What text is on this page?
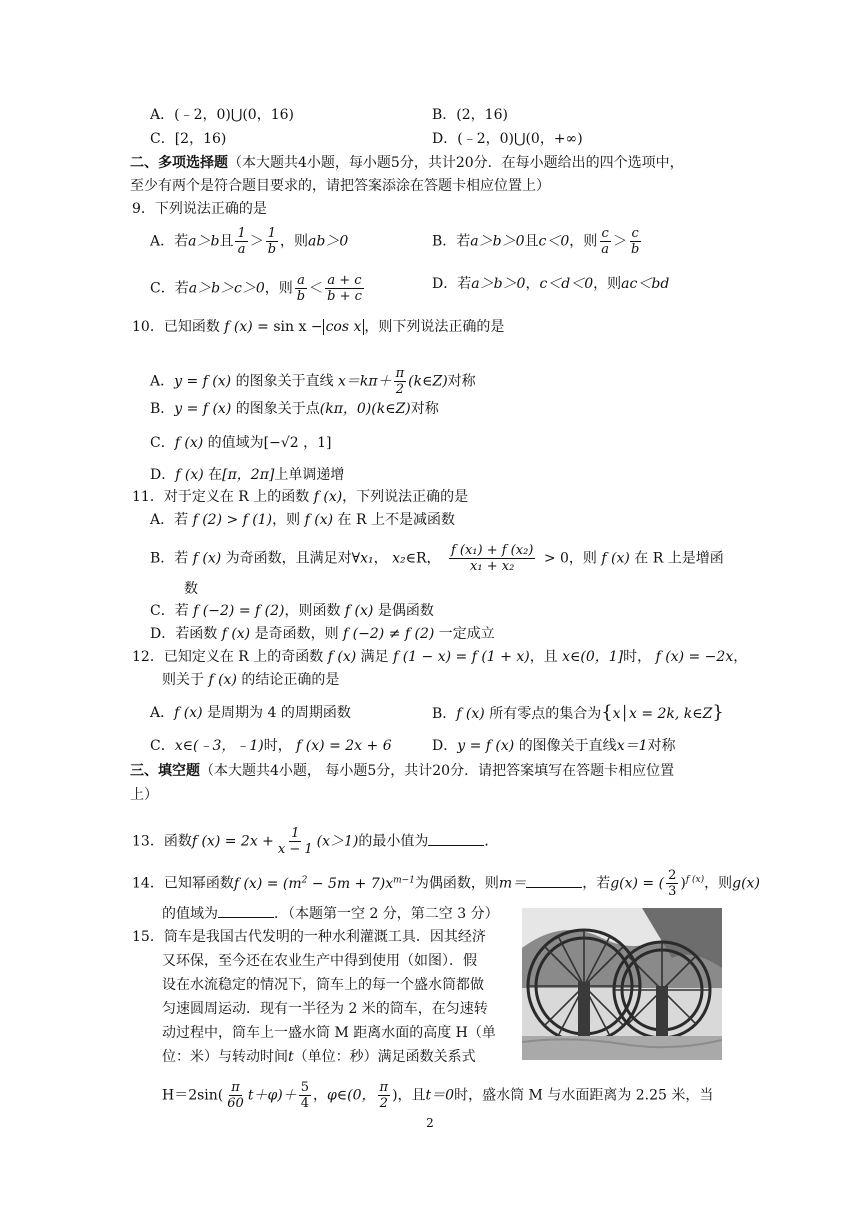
A．(﹣2，0)⋃(0，16)	B．(2，16)
C．[2，16)	D．(﹣2，0)⋃(0，+∞)
二、多项选择题（本大题共4小题，每小题5分，共计20分．在每小题给出的四个选项中，
至少有两个是符合题目要求的，请把答案添涂在答题卡相应位置上）
9．下列说法正确的是
A．若a＞b且 $\frac{1}{a} > \frac{1}{b}$ ，则ab＞0	B．若a＞b＞0且c＜0，则 $\frac{c}{a} > \frac{c}{b}$
C．若a＞b＞c＞0，则 $\frac{a}{b} < \frac{a + c}{b + c}$	D．若a＞b＞0，c＜d＜0，则ac＜bd
10．已知函数 f (x) = sin x − cos x ，则下列说法正确的是
A．y = f (x) 的图象关于直线 $x=k\pi+ \frac{\pi}{2}$ (k∈Z)对称
B．y = f (x) 的图象关于点(kπ，0)(k∈Z)对称
C．f (x) 的值域为[−√2 ，1]
D．f (x) 在[π，2π]上单调递增
11．对于定义在 R 上的函数 f (x)，下列说法正确的是
A．若 f (2) > f (1)，则 f (x) 在 R 上不是减函数
B．若 f (x) 为奇函数，且满足对∀x₁， x₂∈R， $\frac{\text{f (x₁) + f (x₂)}}{\text{x₁ + x₂}} > 0$，则 f (x) 在 R 上是增函
数
C．若 f (−2) = f (2)，则函数 f (x) 是偶函数
D．若函数 f (x) 是奇函数，则 f (−2) ≠ f (2) 一定成立
12．已知定义在 R 上的奇函数 f (x) 满足 f (1 − x) = f (1 + x)，且 x∈(0，1]时， f (x) = −2x，
则关于 f (x) 的结论正确的是
A．f (x) 是周期为 4 的周期函数	B．f (x) 所有零点的集合为{x│x = 2k, k∈Z}
C．x∈(﹣3，﹣1)时， f (x) = 2x + 6	D．y = f (x) 的图像关于直线x＝1对称
三、填空题（本大题共4小题， 每小题5分，共计20分．请把答案填写在答题卡相应位置
上）
13．函数f $(x) = 2x + \frac{1}{x - 1} (x>1)$的最小值为	．
14．已知幂函数f $(x) = (m^2 - 5m + 7)x^{m-1}$为偶函数，则m＝	，若g(x) = ( $\frac{2}{3} )^{f (x)}$，则g(x)
的值域为	．（本题第一空 2 分，第二空 3 分）
15．筒车是我国古代发明的一种水利灌溉工具．因其经济
又环保，至今还在农业生产中得到使用（如图）．假
设在水流稳定的情况下，筒车上的每一个盛水筒都做
匀速圆周运动．现有一半径为 2 米的筒车，在匀速转
动过程中，筒车上一盛水筒 M 距离水面的高度 H（单
位：米）与转动时间t（单位：秒）满足函数关系式
$H=2\sin( \frac{\pi}{60} t+\varphi)+ \frac{5}{4}$ ，φ∈(0， $\frac{\pi}{2}$ )，且t＝0时，盛水筒 M 与水面距离为 2.25 米，当
2
